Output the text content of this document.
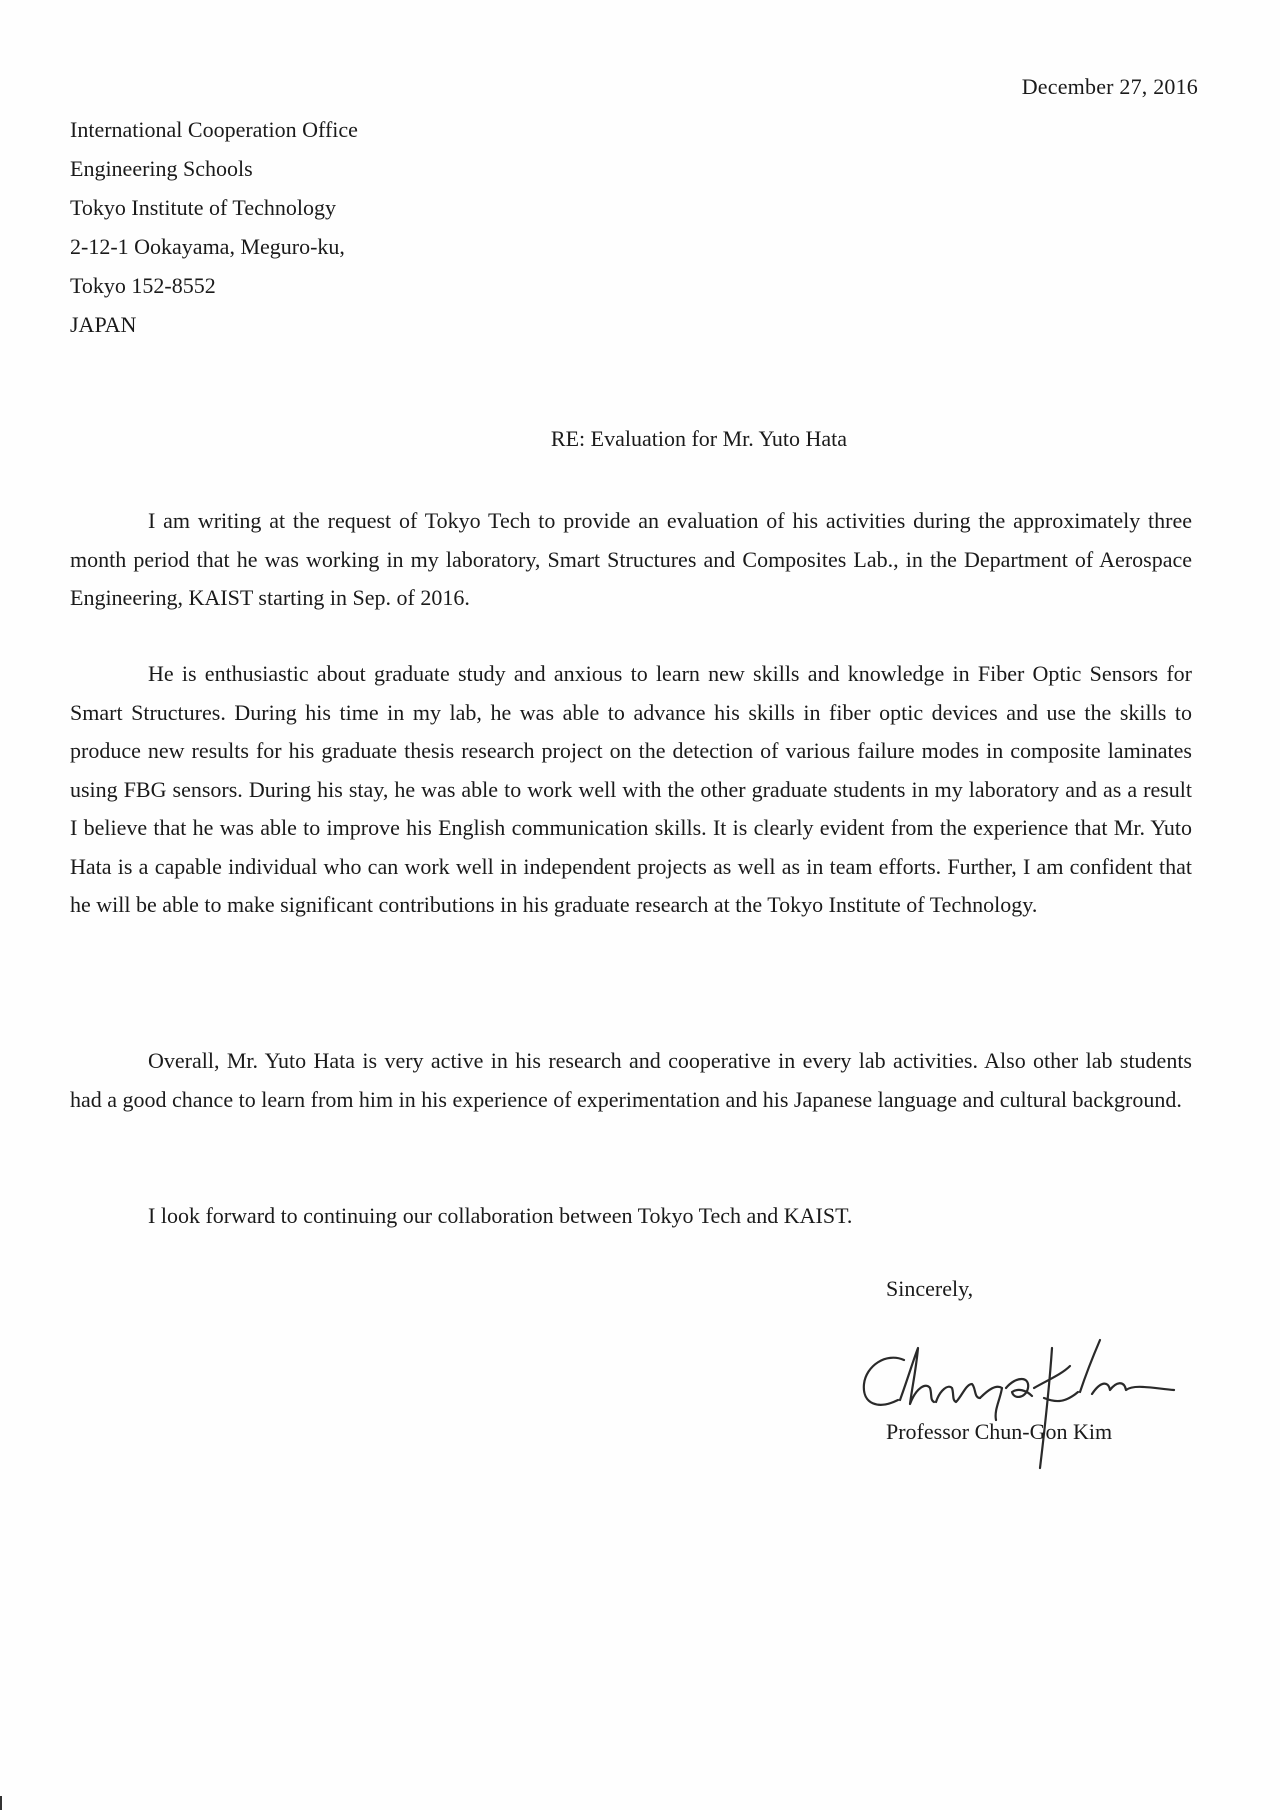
December 27, 2016
International Cooperation Office
Engineering Schools
Tokyo Institute of Technology
2-12-1 Ookayama, Meguro-ku,
Tokyo 152-8552
JAPAN
RE: Evaluation for Mr. Yuto Hata

I am writing at the request of Tokyo Tech to provide an evaluation of his activities during the approximately three month period that he was working in my laboratory, Smart Structures and Composites Lab., in the Department of Aerospace Engineering, KAIST starting in Sep. of 2016.

He is enthusiastic about graduate study and anxious to learn new skills and knowledge in Fiber Optic Sensors for Smart Structures. During his time in my lab, he was able to advance his skills in fiber optic devices and use the skills to produce new results for his graduate thesis research project on the detection of various failure modes in composite laminates using FBG sensors. During his stay, he was able to work well with the other graduate students in my laboratory and as a result I believe that he was able to improve his English communication skills. It is clearly evident from the experience that Mr. Yuto Hata is a capable individual who can work well in independent projects as well as in team efforts. Further, I am confident that he will be able to make significant contributions in his graduate research at the Tokyo Institute of Technology.

Overall, Mr. Yuto Hata is very active in his research and cooperative in every lab activities. Also other lab students had a good chance to learn from him in his experience of experimentation and his Japanese language and cultural background.

I look forward to continuing our collaboration between Tokyo Tech and KAIST.

Sincerely,
Professor Chun-Gon Kim
